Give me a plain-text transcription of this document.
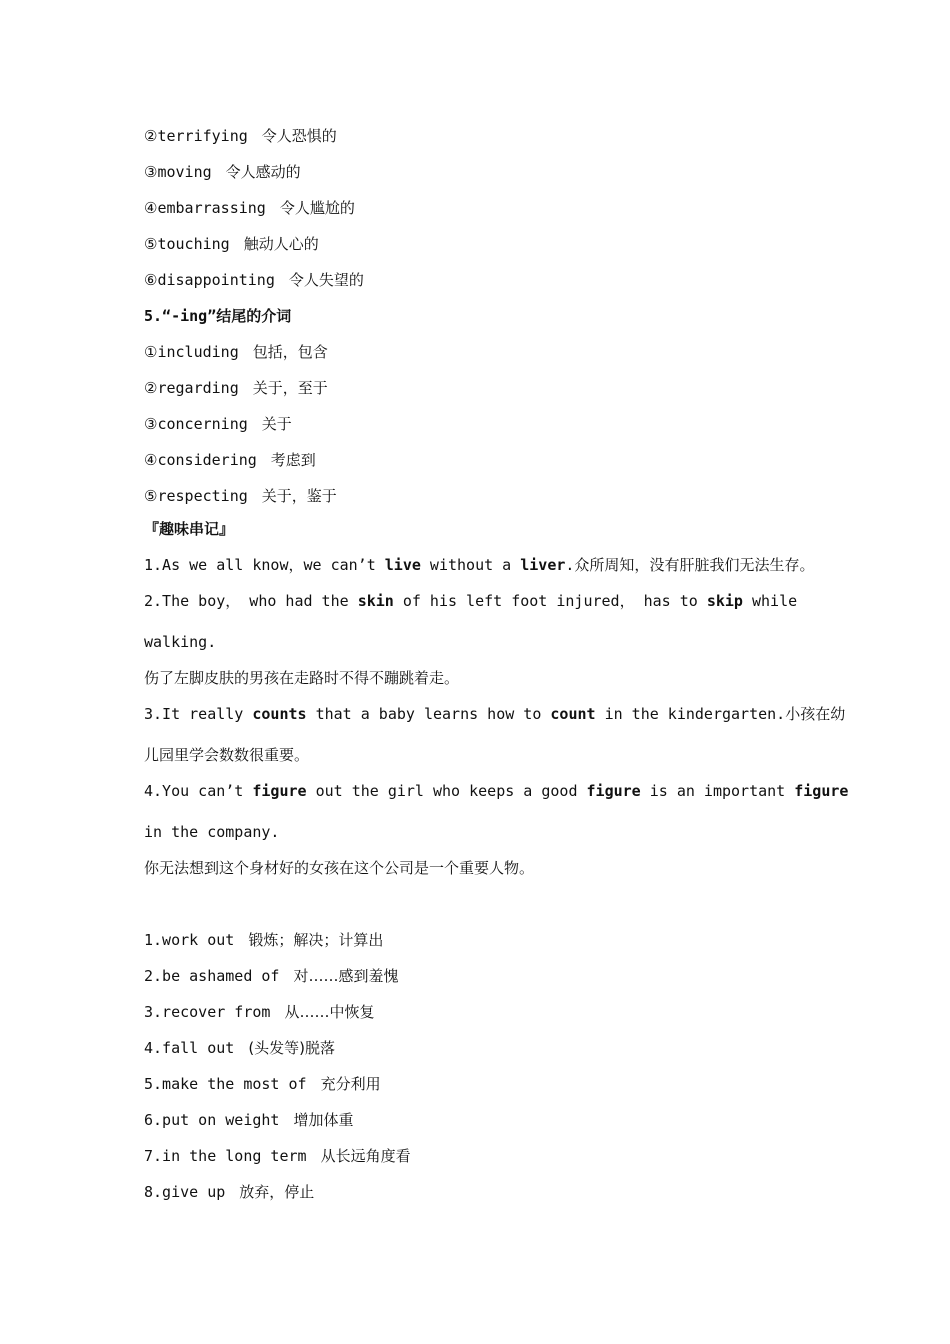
②terrifying 令人恐惧的
③moving 令人感动的
④embarrassing 令人尴尬的
⑤touching 触动人心的
⑥disappointing 令人失望的
5.“-ing”结尾的介词
①including 包括，包含
②regarding 关于，至于
③concerning 关于
④considering 考虑到
⑤respecting 关于，鉴于
『趣味串记』
1.As we all know，we can’t live without a liver.众所周知，没有肝脏我们无法生存。
2.The boy， who had the skin of his left foot injured， has to skip while
walking.
伤了左脚皮肤的男孩在走路时不得不蹦跳着走。
3.It really counts that a baby learns how to count in the kindergarten.小孩在幼
儿园里学会数数很重要。
4.You can’t figure out the girl who keeps a good figure is an important figure
in the company.
你无法想到这个身材好的女孩在这个公司是一个重要人物。
1.work out 锻炼；解决；计算出
2.be ashamed of 对……感到羞愧
3.recover from 从……中恢复
4.fall out (头发等)脱落
5.make the most of 充分利用
6.put on weight 增加体重
7.in the long term 从长远角度看
8.give up 放弃，停止
